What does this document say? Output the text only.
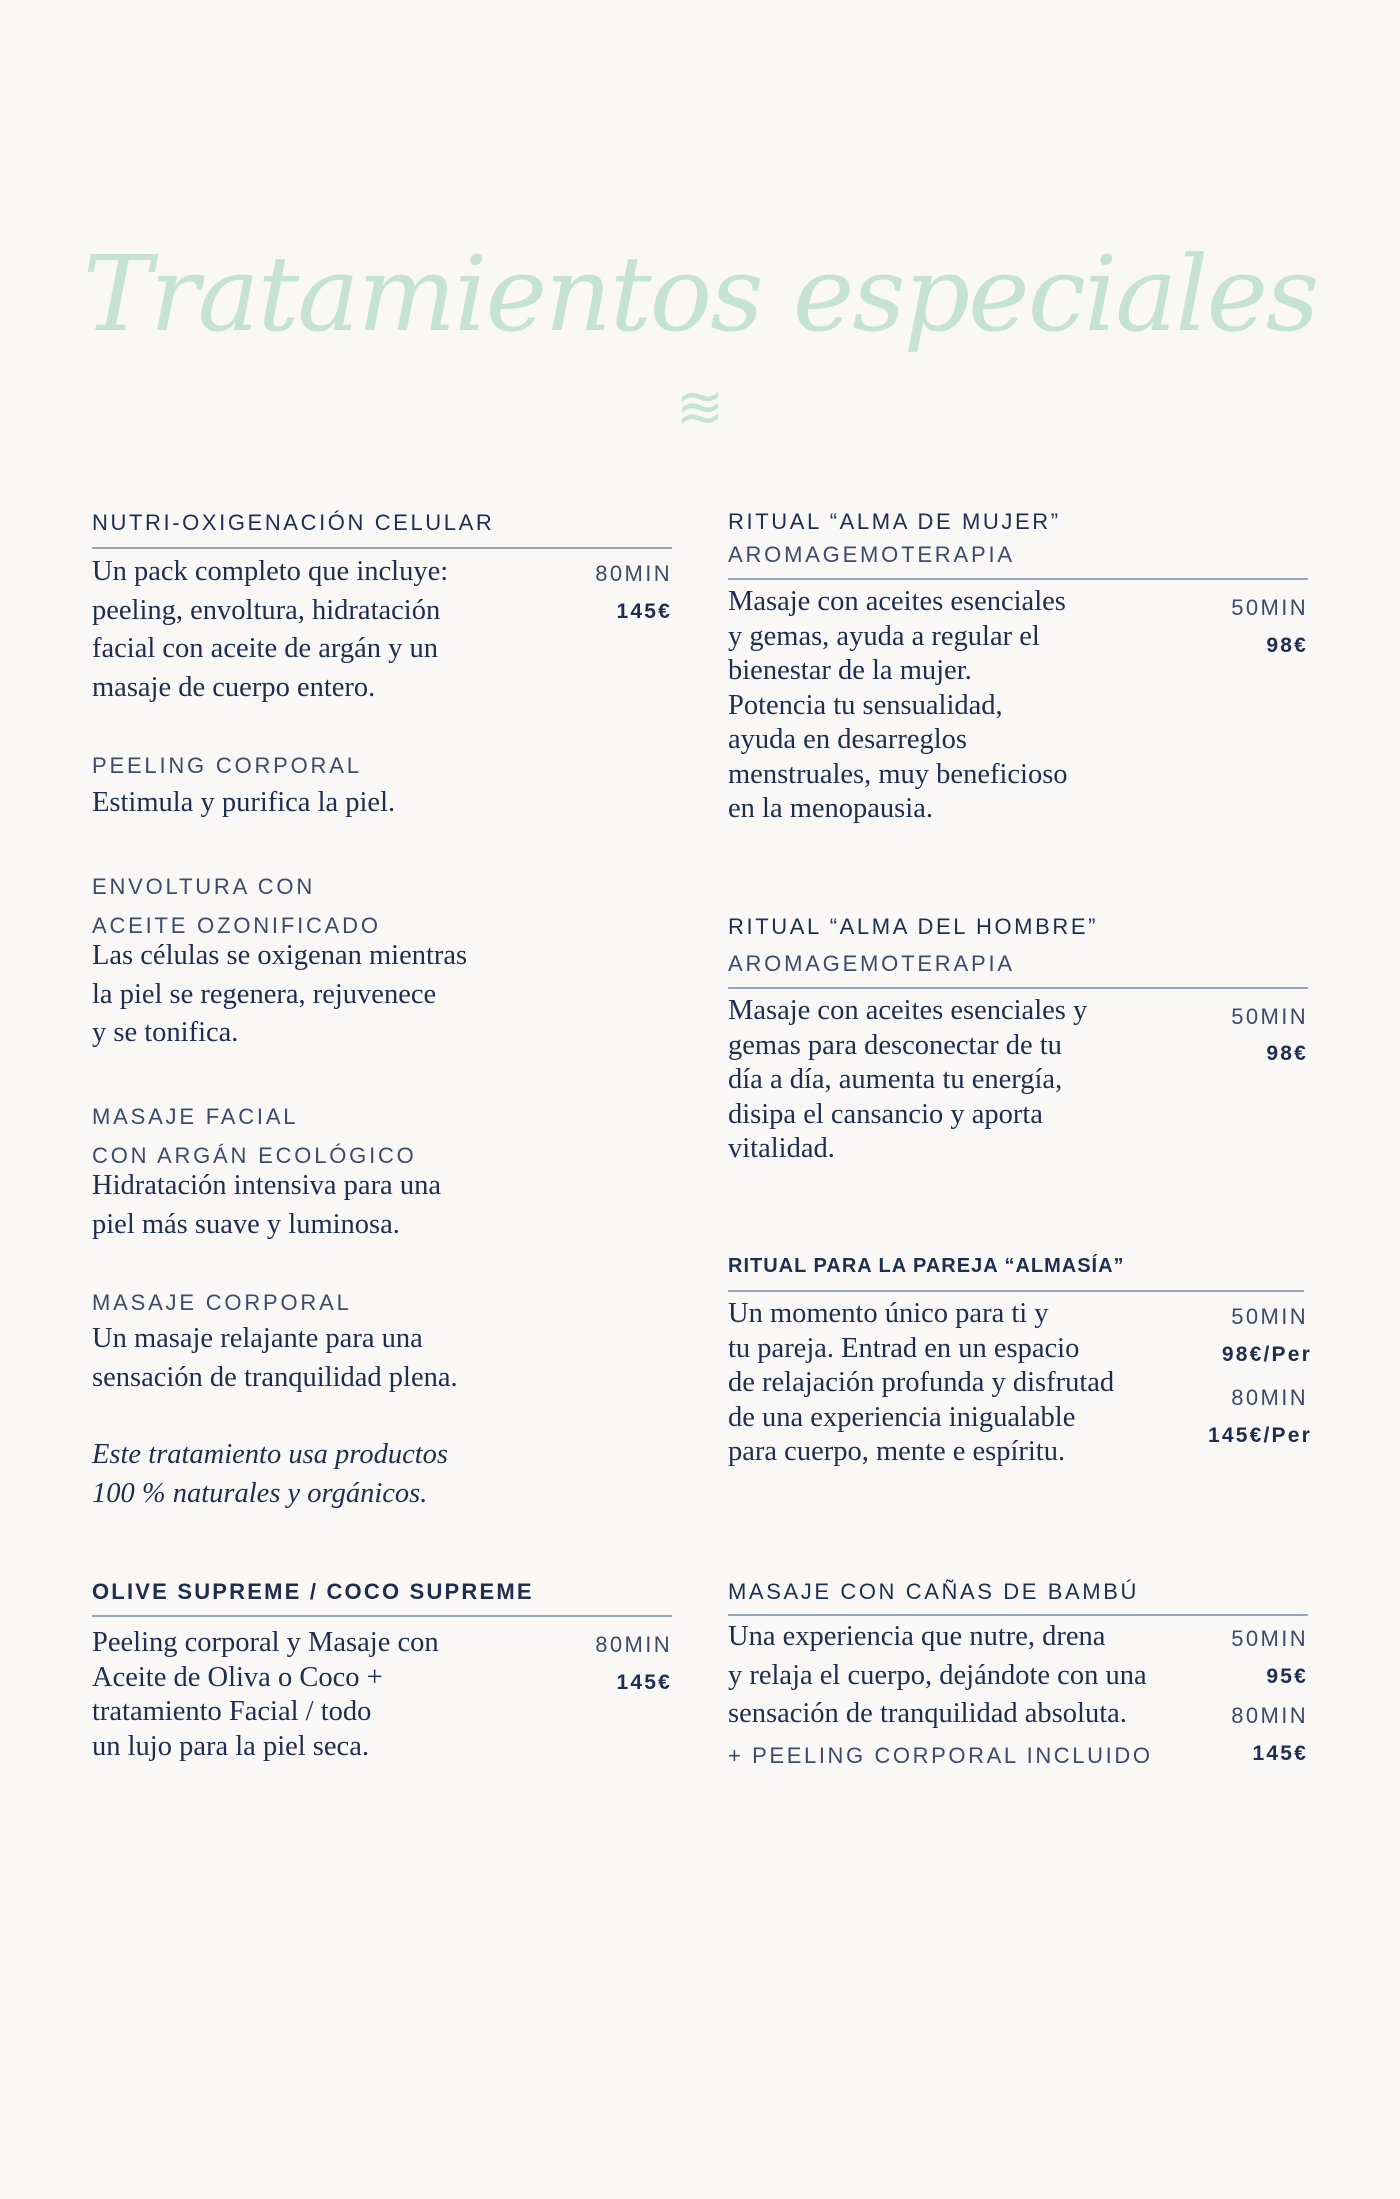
Tratamientos especiales
≋
NUTRI-OXIGENACIÓN CELULAR
Un pack completo que incluye:
peeling, envoltura, hidratación
facial con aceite de argán y un
masaje de cuerpo entero.
80MIN
145€
PEELING CORPORAL
Estimula y purifica la piel.
ENVOLTURA CON
ACEITE OZONIFICADO
Las células se oxigenan mientras
la piel se regenera, rejuvenece
y se tonifica.
MASAJE FACIAL
CON ARGÁN ECOLÓGICO
Hidratación intensiva para una
piel más suave y luminosa.
MASAJE CORPORAL
Un masaje relajante para una
sensación de tranquilidad plena.
Este tratamiento usa productos
100 % naturales y orgánicos.
OLIVE SUPREME / COCO SUPREME
Peeling corporal y Masaje con
Aceite de Oliva o Coco +
tratamiento Facial / todo
un lujo para la piel seca.
80MIN
145€
RITUAL “ALMA DE MUJER”
AROMAGEMOTERAPIA
Masaje con aceites esenciales
y gemas, ayuda a regular el
bienestar de la mujer.
Potencia tu sensualidad,
ayuda en desarreglos
menstruales, muy beneficioso
en la menopausia.
50MIN
98€
RITUAL “ALMA DEL HOMBRE”
AROMAGEMOTERAPIA
Masaje con aceites esenciales y
gemas para desconectar de tu
día a día, aumenta tu energía,
disipa el cansancio y aporta
vitalidad.
50MIN
98€
RITUAL PARA LA PAREJA “ALMASÍA”
Un momento único para ti y
tu pareja. Entrad en un espacio
de relajación profunda y disfrutad
de una experiencia inigualable
para cuerpo, mente e espíritu.
50MIN
98€/Per
80MIN
145€/Per
MASAJE CON CAÑAS DE BAMBÚ
Una experiencia que nutre, drena
y relaja el cuerpo, dejándote con una
sensación de tranquilidad absoluta.
+ PEELING CORPORAL INCLUIDO
50MIN
95€
80MIN
145€
